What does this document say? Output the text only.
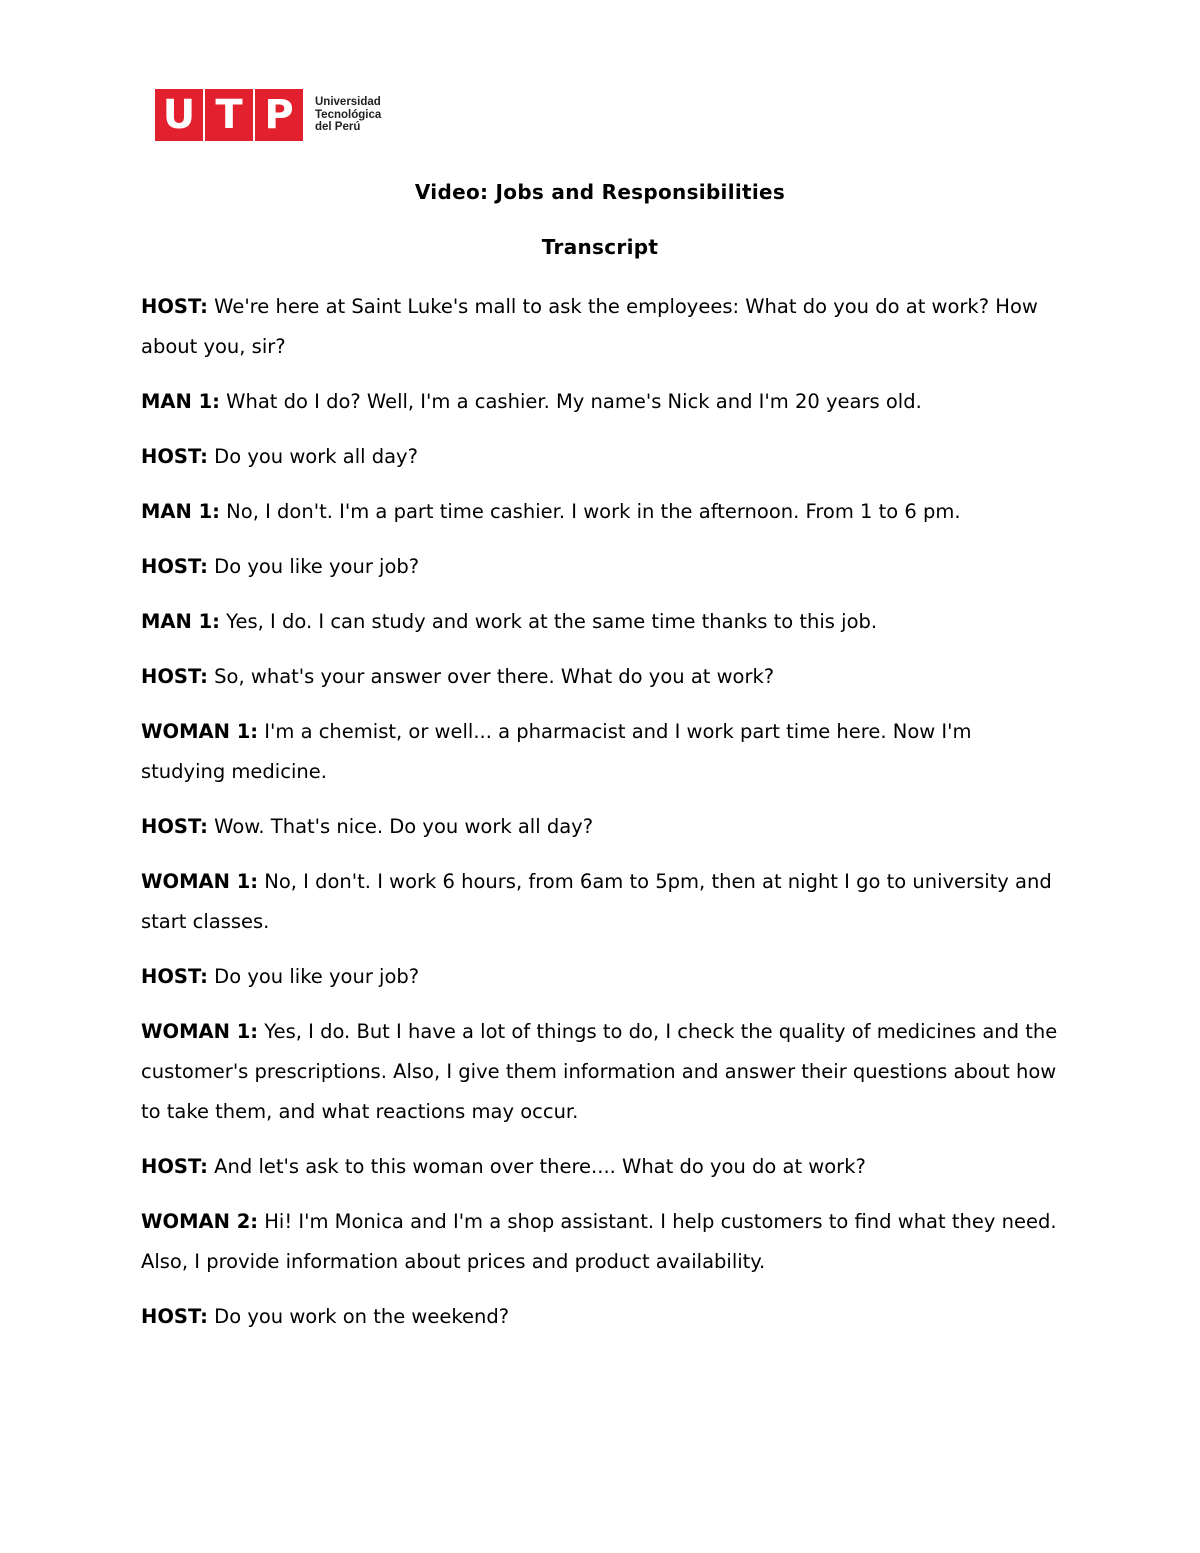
U T P	Universidad
Tecnológica
del Perú
Video: Jobs and Responsibilities
Transcript

HOST: We're here at Saint Luke's mall to ask the employees: What do you do at work? How about you, sir?

MAN 1: What do I do? Well, I'm a cashier. My name's Nick and I'm 20 years old.

HOST: Do you work all day?

MAN 1: No, I don't. I'm a part time cashier. I work in the afternoon. From 1 to 6 pm.

HOST: Do you like your job?

MAN 1: Yes, I do. I can study and work at the same time thanks to this job.

HOST: So, what's your answer over there. What do you at work?

WOMAN 1: I'm a chemist, or well... a pharmacist and I work part time here. Now I'm studying medicine.

HOST: Wow. That's nice. Do you work all day?

WOMAN 1: No, I don't. I work 6 hours, from 6am to 5pm, then at night I go to university and start classes.

HOST: Do you like your job?

WOMAN 1: Yes, I do. But I have a lot of things to do, I check the quality of medicines and the customer's prescriptions. Also, I give them information and answer their questions about how to take them, and what reactions may occur.

HOST: And let's ask to this woman over there.... What do you do at work?

WOMAN 2: Hi! I'm Monica and I'm a shop assistant. I help customers to find what they need. Also, I provide information about prices and product availability.

HOST: Do you work on the weekend?
